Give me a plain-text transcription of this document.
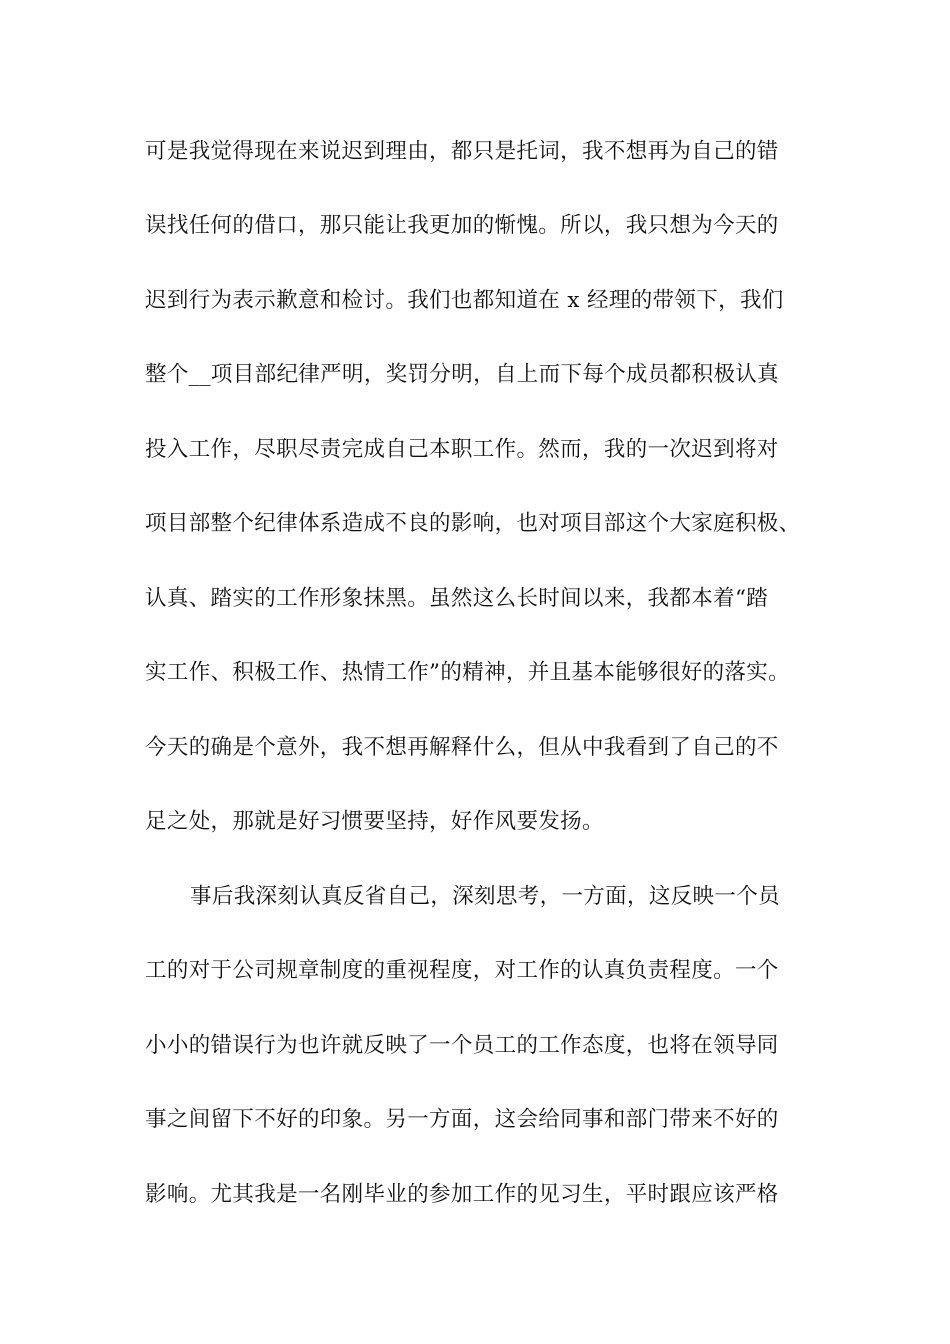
可是我觉得现在来说迟到理由，都只是托词，我不想再为自己的错
误找任何的借口，那只能让我更加的惭愧。所以，我只想为今天的
迟到行为表示歉意和检讨。我们也都知道在 x 经理的带领下，我们
整个__项目部纪律严明，奖罚分明，自上而下每个成员都积极认真
投入工作，尽职尽责完成自己本职工作。然而，我的一次迟到将对
项目部整个纪律体系造成不良的影响，也对项目部这个大家庭积极、
认真、踏实的工作形象抹黑。虽然这么长时间以来，我都本着“踏
实工作、积极工作、热情工作”的精神，并且基本能够很好的落实。
今天的确是个意外，我不想再解释什么，但从中我看到了自己的不
足之处，那就是好习惯要坚持，好作风要发扬。
事后我深刻认真反省自己，深刻思考，一方面，这反映一个员
工的对于公司规章制度的重视程度，对工作的认真负责程度。一个
小小的错误行为也许就反映了一个员工的工作态度，也将在领导同
事之间留下不好的印象。另一方面，这会给同事和部门带来不好的
影响。尤其我是一名刚毕业的参加工作的见习生，平时跟应该严格
